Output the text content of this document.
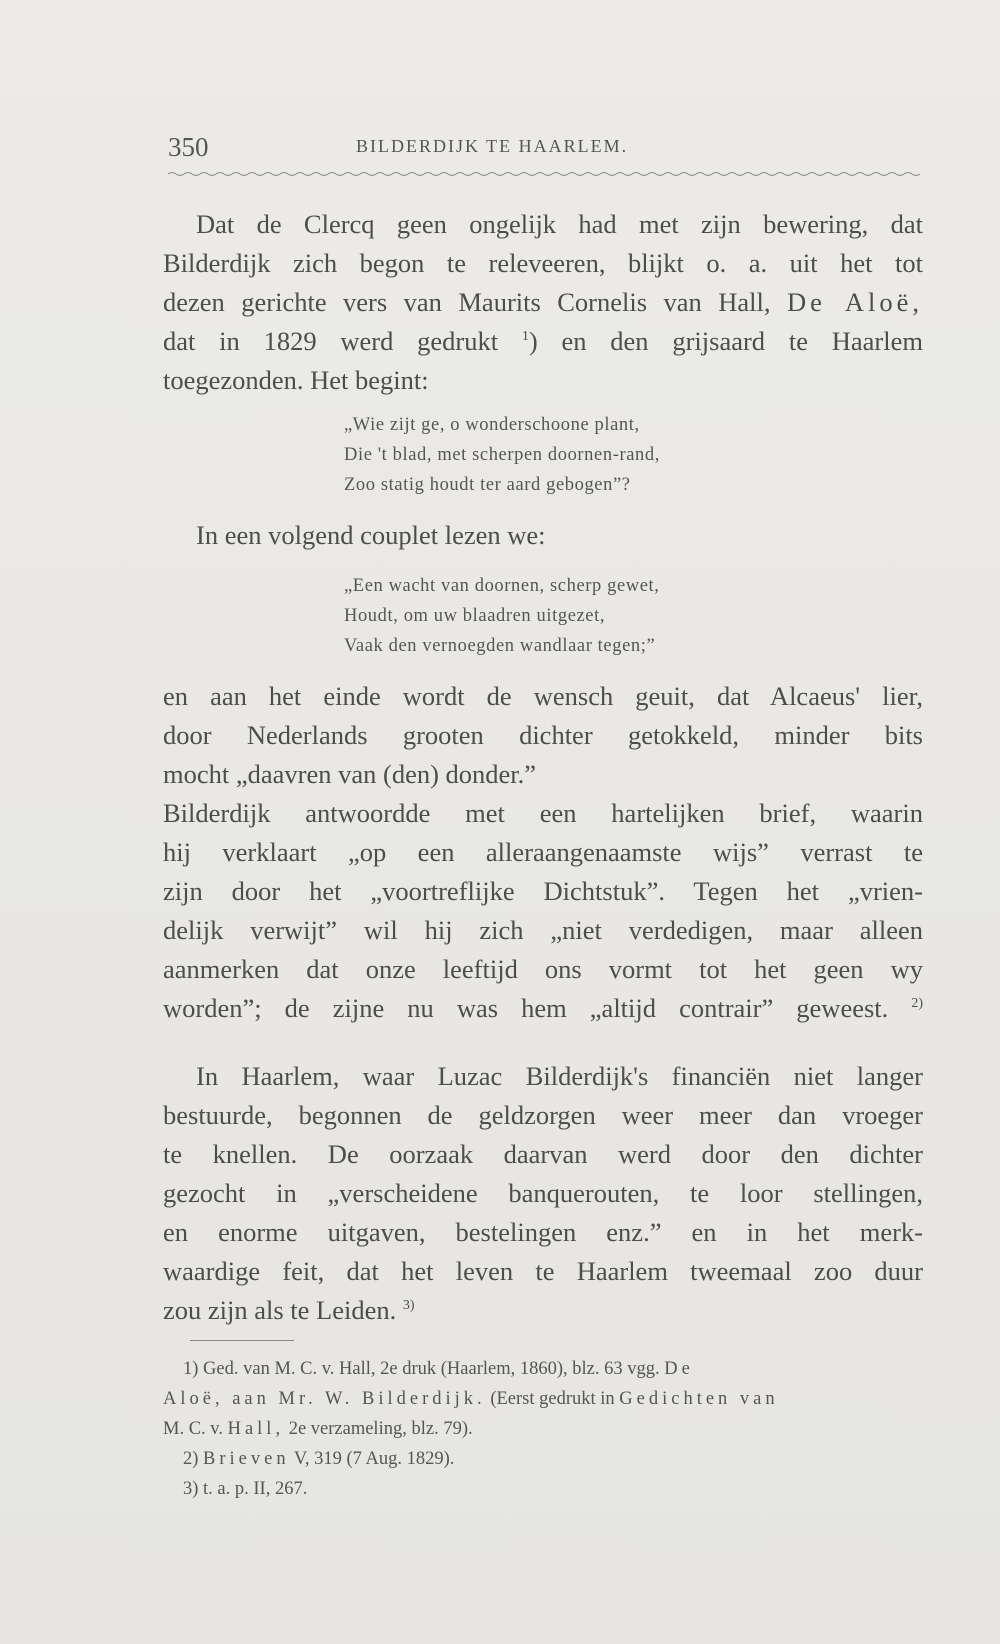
350	BILDERDIJK TE HAARLEM.
Dat de Clercq geen ongelijk had met zijn bewering, dat
Bilderdijk zich begon te releveeren, blijkt o. a. uit het tot
dezen gerichte vers van Maurits Cornelis van Hall, De Aloë,
dat in 1829 werd gedrukt $^1$) en den grijsaard te Haarlem
toegezonden. Het begint:
„Wie zijt ge, o wonderschoone plant,
Die 't blad, met scherpen doornen-rand,
Zoo statig houdt ter aard gebogen”?
In een volgend couplet lezen we:
„Een wacht van doornen, scherp gewet,
Houdt, om uw blaadren uitgezet,
Vaak den vernoegden wandlaar tegen;”
en aan het einde wordt de wensch geuit, dat Alcaeus' lier,
door Nederlands grooten dichter getokkeld, minder bits
mocht „daavren van (den) donder.”
Bilderdijk antwoordde met een hartelijken brief, waarin
hij verklaart „op een alleraangenaamste wijs” verrast te
zijn door het „voortreflijke Dichtstuk”. Tegen het „vrien-
delijk verwijt” wil hij zich „niet verdedigen, maar alleen
aanmerken dat onze leeftijd ons vormt tot het geen wy
worden”; de zijne nu was hem „altijd contrair” geweest. $^{2)}$
In Haarlem, waar Luzac Bilderdijk's financiën niet langer
bestuurde, begonnen de geldzorgen weer meer dan vroeger
te knellen. De oorzaak daarvan werd door den dichter
gezocht in „verscheidene banquerouten, te loor stellingen,
en enorme uitgaven, bestelingen enz.” en in het merk-
waardige feit, dat het leven te Haarlem tweemaal zoo duur
zou zijn als te Leiden. $^{3)}$
1) Ged. van M. C. v. Hall, 2e druk (Haarlem, 1860), blz. 63 vgg. De
Aloë, aan Mr. W. Bilderdijk. (Eerst gedrukt in Gedichten van
M. C. v. Hall, 2e verzameling, blz. 79).
2) Brieven V, 319 (7 Aug. 1829).
3) t. a. p. II, 267.
